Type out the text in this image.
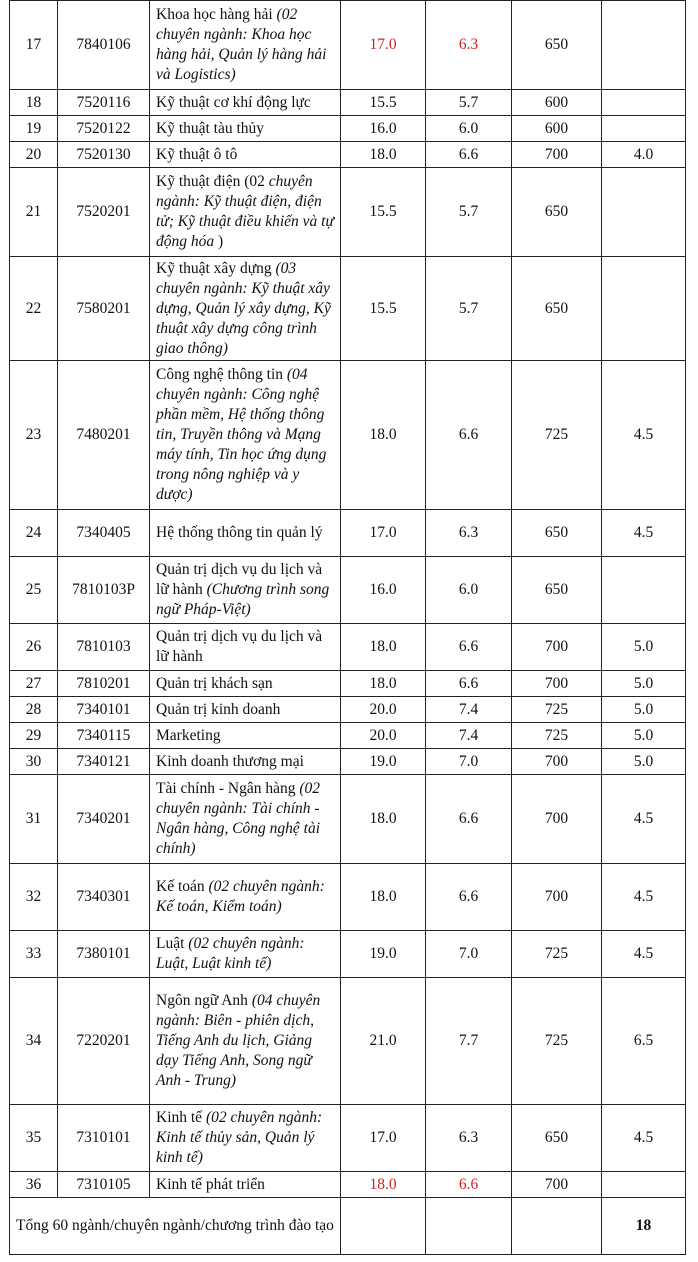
17	7840106	Khoa học hàng hải (02 chuyên ngành: Khoa học hàng hải, Quản lý hàng hải và Logistics)	17.0	6.3	650	
18	7520116	Kỹ thuật cơ khí động lực	15.5	5.7	600	
19	7520122	Kỹ thuật tàu thủy	16.0	6.0	600	
20	7520130	Kỹ thuật ô tô	18.0	6.6	700	4.0
21	7520201	Kỹ thuật điện (02 chuyên ngành: Kỹ thuật điện, điện tử; Kỹ thuật điều khiển và tự động hóa )	15.5	5.7	650	
22	7580201	Kỹ thuật xây dựng (03 chuyên ngành: Kỹ thuật xây dựng, Quản lý xây dựng, Kỹ thuật xây dựng công trình giao thông)	15.5	5.7	650	
23	7480201	Công nghệ thông tin (04 chuyên ngành: Công nghệ phần mềm, Hệ thống thông tin, Truyền thông và Mạng máy tính, Tin học ứng dụng trong nông nghiệp và y dược)	18.0	6.6	725	4.5
24	7340405	Hệ thống thông tin quản lý	17.0	6.3	650	4.5
25	7810103P	Quản trị dịch vụ du lịch và lữ hành (Chương trình song ngữ Pháp-Việt)	16.0	6.0	650	
26	7810103	Quản trị dịch vụ du lịch và lữ hành	18.0	6.6	700	5.0
27	7810201	Quản trị khách sạn	18.0	6.6	700	5.0
28	7340101	Quản trị kinh doanh	20.0	7.4	725	5.0
29	7340115	Marketing	20.0	7.4	725	5.0
30	7340121	Kinh doanh thương mại	19.0	7.0	700	5.0
31	7340201	Tài chính - Ngân hàng (02 chuyên ngành: Tài chính - Ngân hàng, Công nghệ tài chính)	18.0	6.6	700	4.5
32	7340301	Kế toán (02 chuyên ngành: Kế toán, Kiểm toán)	18.0	6.6	700	4.5
33	7380101	Luật (02 chuyên ngành: Luật, Luật kinh tế)	19.0	7.0	725	4.5
34	7220201	Ngôn ngữ Anh (04 chuyên ngành: Biên - phiên dịch, Tiếng Anh du lịch, Giảng dạy Tiếng Anh, Song ngữ Anh - Trung)	21.0	7.7	725	6.5
35	7310101	Kinh tế (02 chuyên ngành: Kinh tế thủy sản, Quản lý kinh tế)	17.0	6.3	650	4.5
36	7310105	Kinh tế phát triển	18.0	6.6	700	
Tổng 60 ngành/chuyên ngành/chương trình đào tạo						18
